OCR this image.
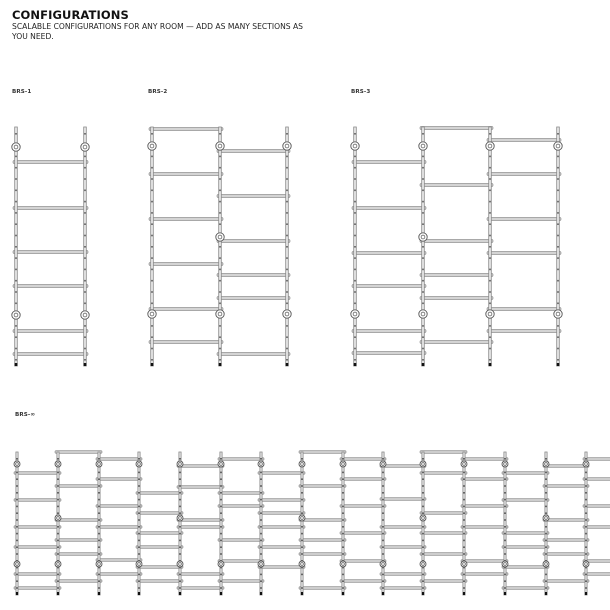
CONFIGURATIONS

SCALABLE CONFIGURATIONS FOR ANY ROOM — ADD AS MANY SECTIONS AS YOU NEED.

BRS-1	BRS-2	BRS-3
BRS-∞
